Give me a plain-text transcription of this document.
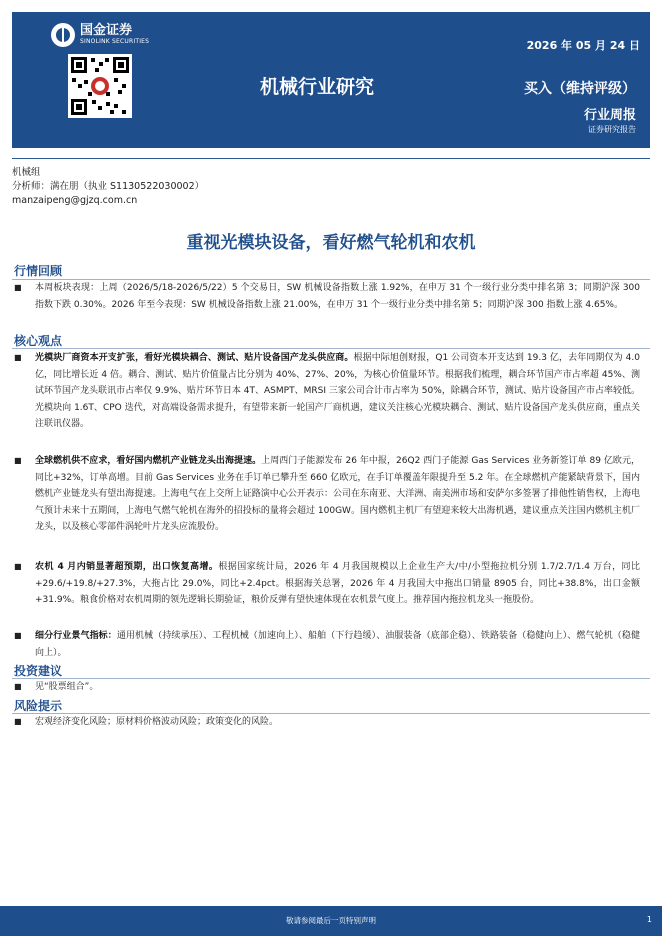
国金证券
SINOLINK SECURITIES	2026 年 05 月 24 日
机械行业研究	买入（维持评级）
行业周报
证券研究报告
机械组
分析师：满在朋（执业 S1130522030002）
manzaipeng@gjzq.com.cn
重视光模块设备，看好燃气轮机和农机
行情回顾
■ 本周板块表现：上周（2026/5/18-2026/5/22）5 个交易日，SW 机械设备指数上涨 1.92%，在申万 31 个一级行业分类中排名第 3；同期沪深 300 指数下跌 0.30%。2026 年至今表现：SW 机械设备指数上涨 21.00%，在申万 31 个一级行业分类中排名第 5；同期沪深 300 指数上涨 4.65%。
核心观点
■ 光模块厂商资本开支扩张，看好光模块耦合、测试、贴片设备国产龙头供应商。根据中际旭创财报，Q1 公司资本开支达到 19.3 亿，去年同期仅为 4.0 亿，同比增长近 4 倍。耦合、测试、贴片价值量占比分别为 40%、27%、20%，为核心价值量环节。根据我们梳理，耦合环节国产市占率超 45%、测试环节国产龙头联讯市占率仅 9.9%、贴片环节日本 4T、ASMPT、MRSI 三家公司合计市占率为 50%，除耦合环节，测试、贴片设备国产市占率较低。光模块向 1.6T、CPO 迭代，对高端设备需求提升，有望带来新一轮国产厂商机遇，建议关注核心光模块耦合、测试、贴片设备国产龙头供应商，重点关注联讯仪器。
■ 全球燃机供不应求，看好国内燃机产业链龙头出海提速。上周西门子能源发布 26 年中报，26Q2 西门子能源 Gas Services 业务新签订单 89 亿欧元，同比+32%，订单高增。目前 Gas Services 业务在手订单已攀升至 660 亿欧元，在手订单覆盖年限提升至 5.2 年。在全球燃机产能紧缺背景下，国内燃机产业链龙头有望出海提速。上海电气在上交所上证路演中心公开表示：公司在东南亚、大洋洲、南美洲市场和安萨尔多签署了排他性销售权，上海电气预计未来十五期间，上海电气燃气轮机在海外的招投标的量将会超过 100GW。国内燃机主机厂有望迎来较大出海机遇，建议重点关注国内燃机主机厂龙头，以及核心零部件涡轮叶片龙头应流股份。
■ 农机 4 月内销显著超预期，出口恢复高增。根据国家统计局，2026 年 4 月我国规模以上企业生产大/中/小型拖拉机分别 1.7/2.7/1.4 万台，同比+29.6/+19.8/+27.3%，大拖占比 29.0%，同比+2.4pct。根据海关总署，2026 年 4 月我国大中拖出口销量 8905 台，同比+38.8%，出口金额+31.9%。粮食价格对农机周期的领先逻辑长期验证，粮价反弹有望快速体现在农机景气度上。推荐国内拖拉机龙头一拖股份。
■ 细分行业景气指标：通用机械（持续承压）、工程机械（加速向上）、船舶（下行趋缓）、油服装备（底部企稳）、铁路装备（稳健向上）、燃气轮机（稳健向上）。
投资建议
■ 见“股票组合”。
风险提示
■ 宏观经济变化风险；原材料价格波动风险；政策变化的风险。
敬请参阅最后一页特别声明	1
